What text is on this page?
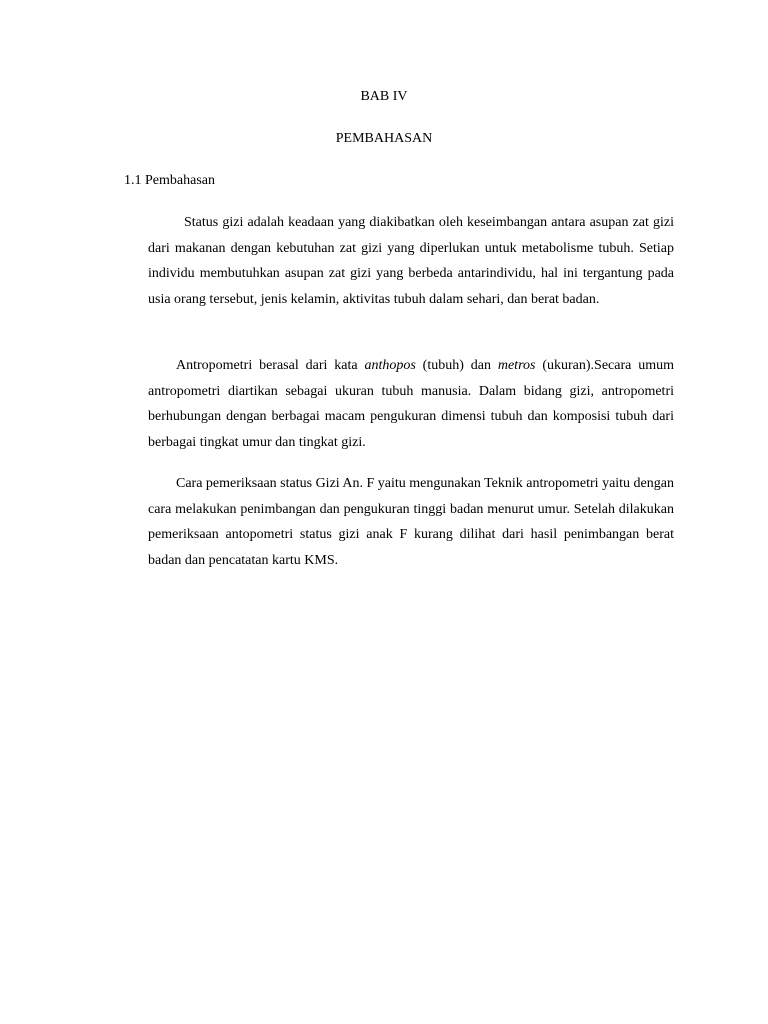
BAB IV
PEMBAHASAN
1.1 Pembahasan

Status gizi adalah keadaan yang diakibatkan oleh keseimbangan antara asupan zat gizi dari makanan dengan kebutuhan zat gizi yang diperlukan untuk metabolisme tubuh. Setiap individu membutuhkan asupan zat gizi yang berbeda antarindividu, hal ini tergantung pada usia orang tersebut, jenis kelamin, aktivitas tubuh dalam sehari, dan berat badan.

Antropometri berasal dari kata anthopos (tubuh) dan metros (ukuran).Secara umum antropometri diartikan sebagai ukuran tubuh manusia. Dalam bidang gizi, antropometri berhubungan dengan berbagai macam pengukuran dimensi tubuh dan komposisi tubuh dari berbagai tingkat umur dan tingkat gizi.

Cara pemeriksaan status Gizi An. F yaitu mengunakan Teknik antropometri yaitu dengan cara melakukan penimbangan dan pengukuran tinggi badan menurut umur. Setelah dilakukan pemeriksaan antopometri status gizi anak F kurang dilihat dari hasil penimbangan berat badan dan pencatatan kartu KMS.
